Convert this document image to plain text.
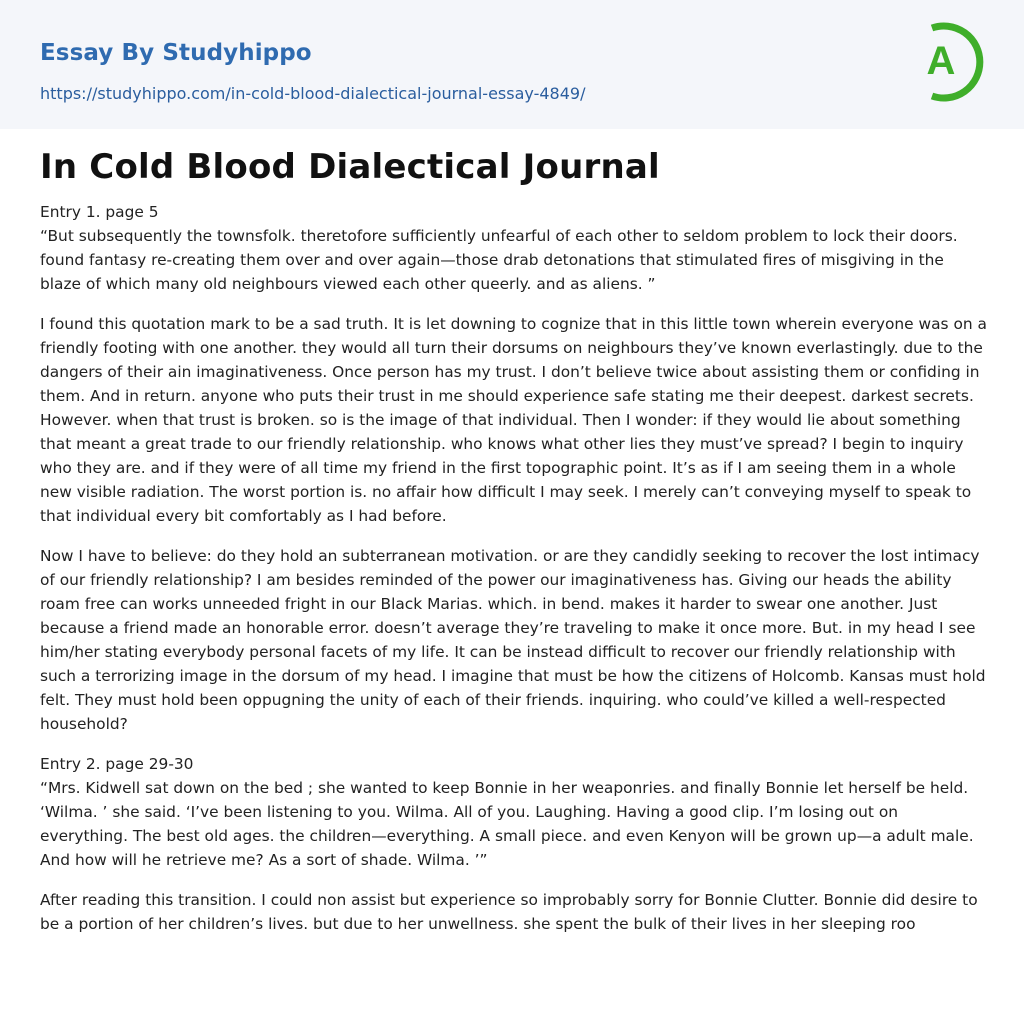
Essay By Studyhippo
https://studyhippo.com/in-cold-blood-dialectical-journal-essay-4849/
A
In Cold Blood Dialectical Journal

Entry 1. page 5
“But subsequently the townsfolk. theretofore sufficiently unfearful of each other to seldom problem to lock their doors. found fantasy re-creating them over and over again—those drab detonations that stimulated fires of misgiving in the blaze of which many old neighbours viewed each other queerly. and as aliens. ”

I found this quotation mark to be a sad truth. It is let downing to cognize that in this little town wherein everyone was on a friendly footing with one another. they would all turn their dorsums on neighbours they’ve known everlastingly. due to the dangers of their ain imaginativeness. Once person has my trust. I don’t believe twice about assisting them or confiding in them. And in return. anyone who puts their trust in me should experience safe stating me their deepest. darkest secrets. However. when that trust is broken. so is the image of that individual. Then I wonder: if they would lie about something that meant a great trade to our friendly relationship. who knows what other lies they must’ve spread? I begin to inquiry who they are. and if they were of all time my friend in the first topographic point. It’s as if I am seeing them in a whole new visible radiation. The worst portion is. no affair how difficult I may seek. I merely can’t conveying myself to speak to that individual every bit comfortably as I had before.

Now I have to believe: do they hold an subterranean motivation. or are they candidly seeking to recover the lost intimacy of our friendly relationship? I am besides reminded of the power our imaginativeness has. Giving our heads the ability roam free can works unneeded fright in our Black Marias. which. in bend. makes it harder to swear one another. Just because a friend made an honorable error. doesn’t average they’re traveling to make it once more. But. in my head I see him/her stating everybody personal facets of my life. It can be instead difficult to recover our friendly relationship with such a terrorizing image in the dorsum of my head. I imagine that must be how the citizens of Holcomb. Kansas must hold felt. They must hold been oppugning the unity of each of their friends. inquiring. who could’ve killed a well-respected household?

Entry 2. page 29-30
“Mrs. Kidwell sat down on the bed ; she wanted to keep Bonnie in her weaponries. and finally Bonnie let herself be held. ‘Wilma. ’ she said. ‘I’ve been listening to you. Wilma. All of you. Laughing. Having a good clip. I’m losing out on everything. The best old ages. the children—everything. A small piece. and even Kenyon will be grown up—a adult male. And how will he retrieve me? As a sort of shade. Wilma. ’”

After reading this transition. I could non assist but experience so improbably sorry for Bonnie Clutter. Bonnie did desire to be a portion of her children’s lives. but due to her unwellness. she spent the bulk of their lives in her sleeping roo
